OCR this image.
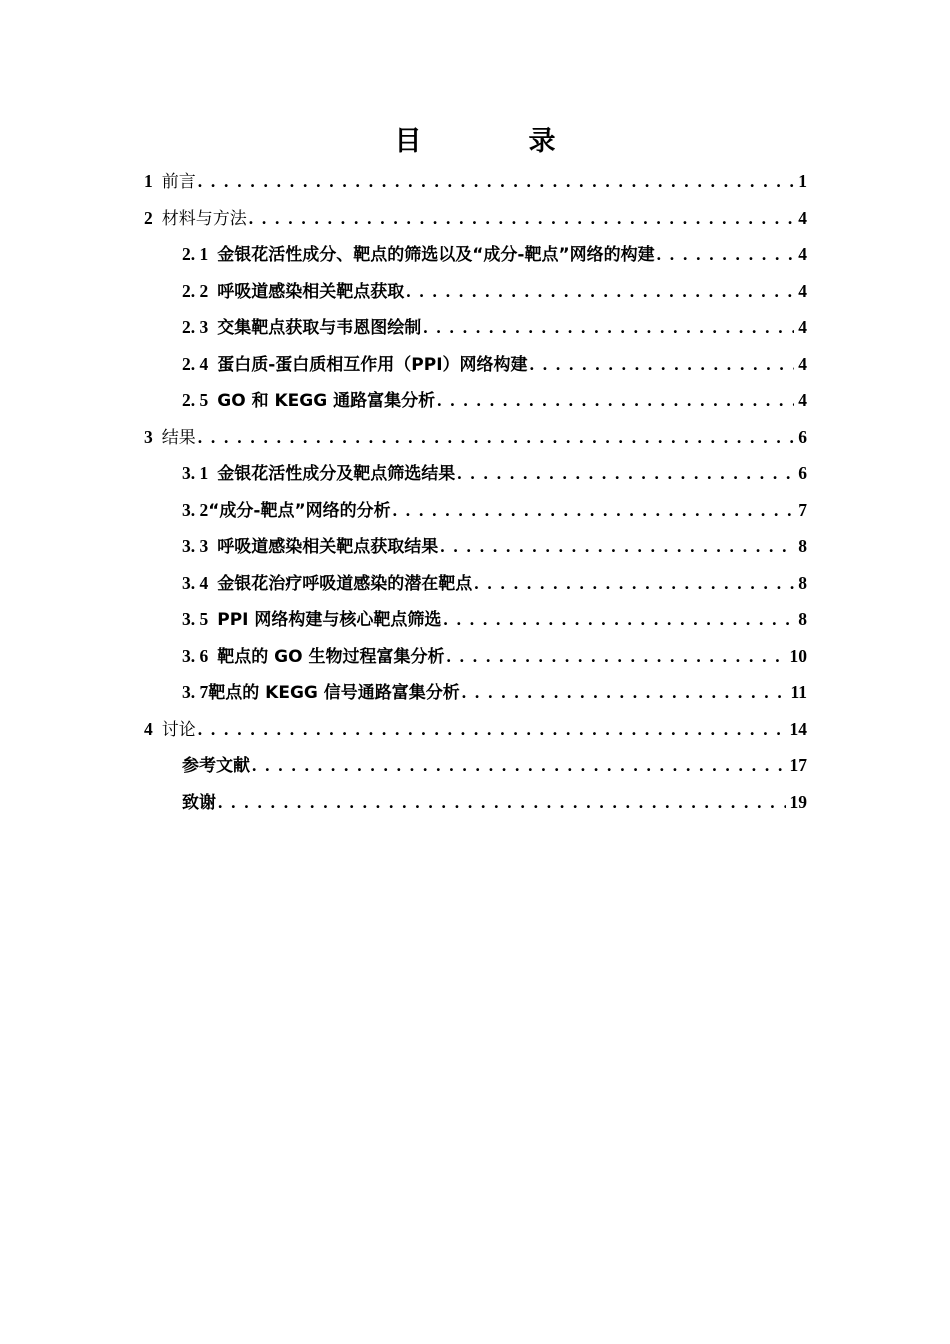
目　录
1 前言 . . .	1
2 材料与方法 . . .	4
2. 1 金银花活性成分、靶点的筛选以及“成分-靶点”网络的构建 . . .	4
2. 2 呼吸道感染相关靶点获取 . . .	4
2. 3 交集靶点获取与韦恩图绘制 . . .	4
2. 4 蛋白质-蛋白质相互作用（PPI）网络构建 . . .	4
2. 5 GO 和 KEGG 通路富集分析 . . .	4
3 结果 . . .	6
3. 1 金银花活性成分及靶点筛选结果 . . .	6
3. 2 “成分-靶点”网络的分析 . . .	7
3. 3 呼吸道感染相关靶点获取结果 . . .	8
3. 4 金银花治疗呼吸道感染的潜在靶点 . . .	8
3. 5 PPI 网络构建与核心靶点筛选 . . .	8
3. 6 靶点的 GO 生物过程富集分析 . . .	10
3. 7 靶点的 KEGG 信号通路富集分析 . . .	11
4 讨论 . . .	14
参考文献 . . .	17
致谢 . . .	19
